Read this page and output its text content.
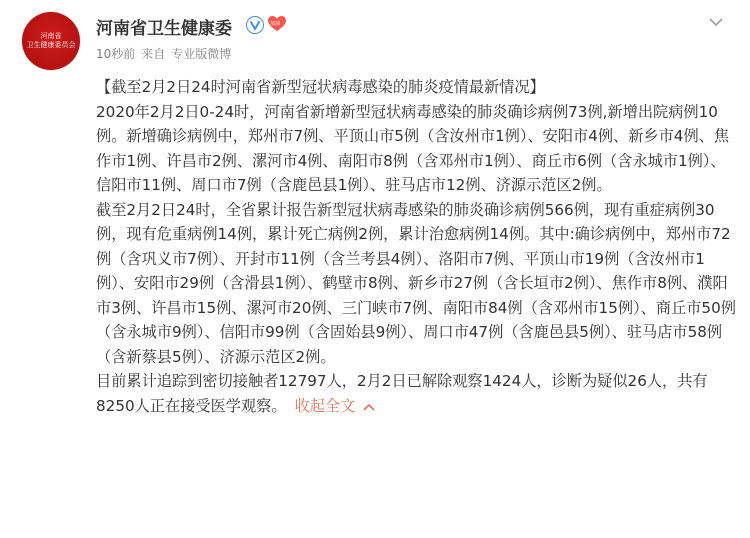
河南省
卫生健康委员会
河南省卫生健康委	加油
10秒前 来自 专业版微博

【截至2月2日24时河南省新型冠状病毒感染的肺炎疫情最新情况】

2020年2月2日0-24时，河南省新增新型冠状病毒感染的肺炎确诊病例73例,新增出院病例10例。新增确诊病例中，郑州市7例、平顶山市5例（含汝州市1例）、安阳市4例、新乡市4例、焦作市1例、许昌市2例、漯河市4例、南阳市8例（含邓州市1例）、商丘市6例（含永城市1例）、信阳市11例、周口市7例（含鹿邑县1例）、驻马店市12例、济源示范区2例。

截至2月2日24时，全省累计报告新型冠状病毒感染的肺炎确诊病例566例，现有重症病例30例，现有危重病例14例，累计死亡病例2例，累计治愈病例14例。其中:确诊病例中，郑州市72例（含巩义市7例）、开封市11例（含兰考县4例）、洛阳市7例、平顶山市19例（含汝州市1例）、安阳市29例（含滑县1例）、鹤壁市8例、新乡市27例（含长垣市2例）、焦作市8例、濮阳市3例、许昌市15例、漯河市20例、三门峡市7例、南阳市84例（含邓州市15例）、商丘市50例（含永城市9例）、信阳市99例（含固始县9例）、周口市47例（含鹿邑县5例）、驻马店市58例（含新蔡县5例）、济源示范区2例。

目前累计追踪到密切接触者12797人，2月2日已解除观察1424人，诊断为疑似26人，共有8250人正在接受医学观察。 收起全文
